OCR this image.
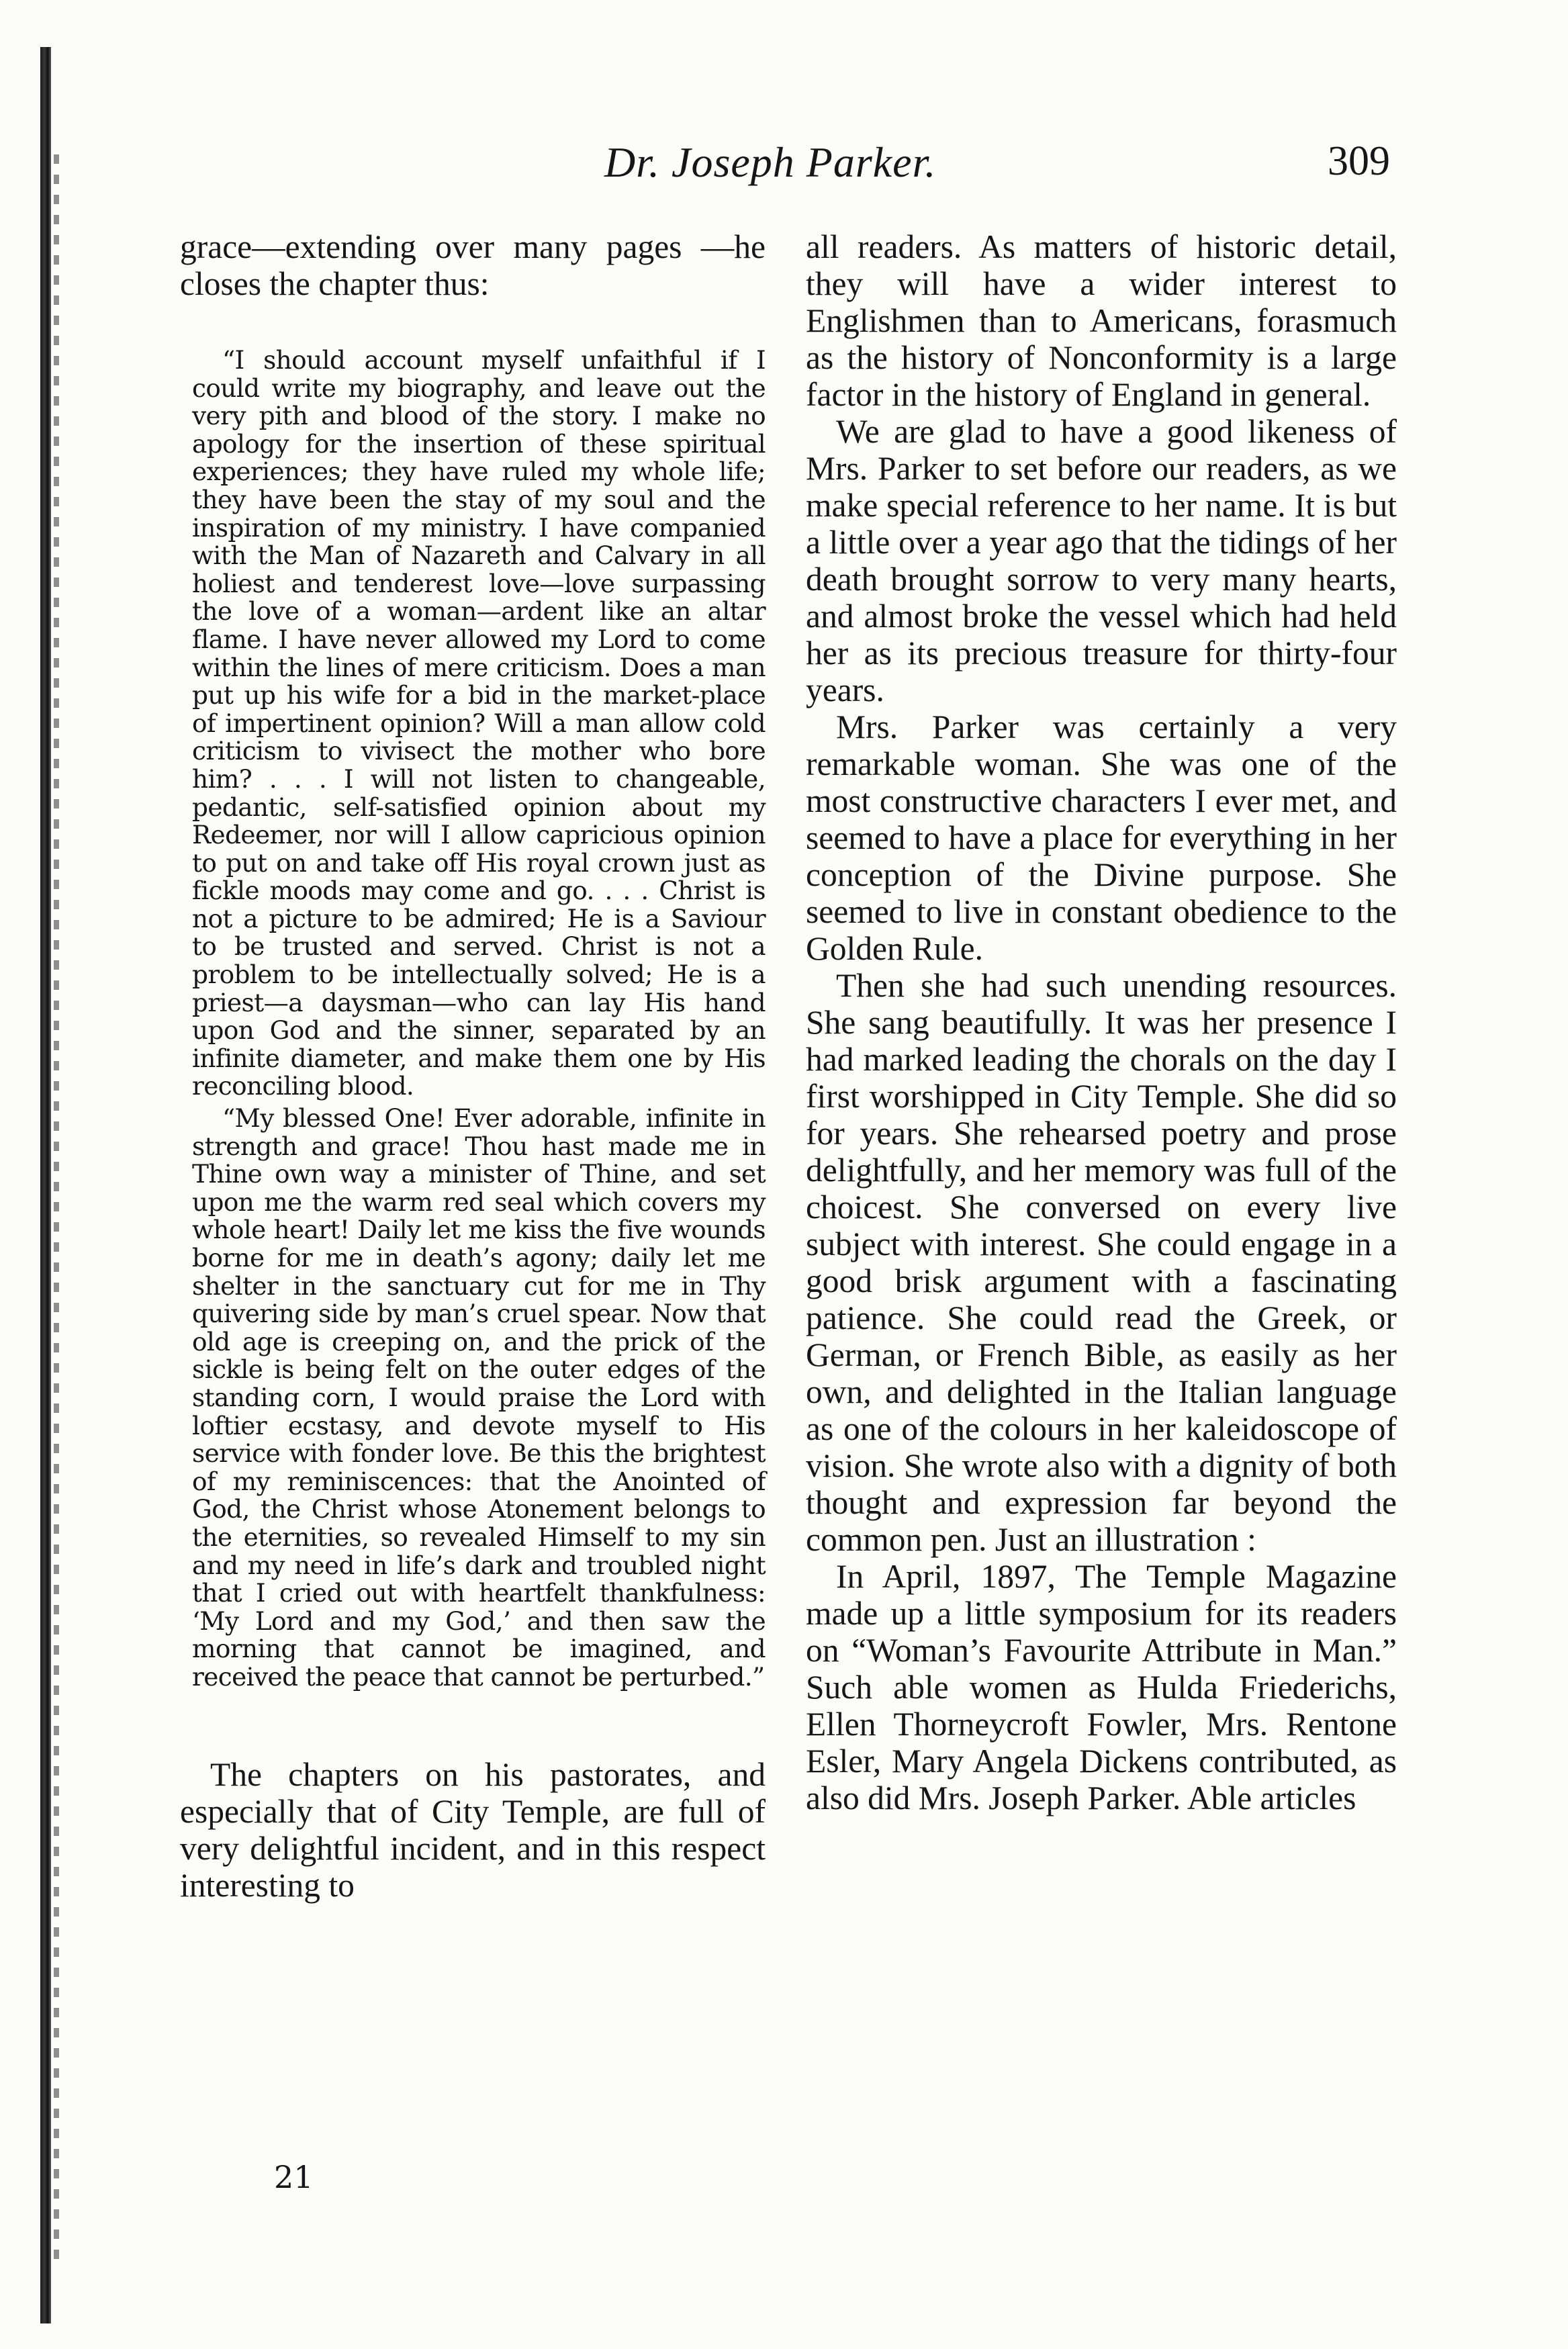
Dr. Joseph Parker.	309

grace—extending over many pages —he closes the chapter thus:

“I should account myself unfaithful if I could write my biography, and leave out the very pith and blood of the story. I make no apology for the insertion of these spiritual experiences; they have ruled my whole life; they have been the stay of my soul and the inspiration of my ministry. I have companied with the Man of Nazareth and Calvary in all holiest and tenderest love—love surpassing the love of a woman—ardent like an altar flame. I have never allowed my Lord to come within the lines of mere criticism. Does a man put up his wife for a bid in the market-place of impertinent opinion? Will a man allow cold criticism to vivisect the mother who bore him? . . . I will not listen to changeable, pedantic, self-satisfied opinion about my Redeemer, nor will I allow capricious opinion to put on and take off His royal crown just as fickle moods may come and go. . . . Christ is not a picture to be admired; He is a Saviour to be trusted and served. Christ is not a problem to be intellectually solved; He is a priest—a daysman—who can lay His hand upon God and the sinner, separated by an infinite diameter, and make them one by His reconciling blood.

“My blessed One! Ever adorable, infinite in strength and grace! Thou hast made me in Thine own way a minister of Thine, and set upon me the warm red seal which covers my whole heart! Daily let me kiss the five wounds borne for me in death’s agony; daily let me shelter in the sanctuary cut for me in Thy quivering side by man’s cruel spear. Now that old age is creeping on, and the prick of the sickle is being felt on the outer edges of the standing corn, I would praise the Lord with loftier ecstasy, and devote myself to His service with fonder love. Be this the brightest of my reminiscences: that the Anointed of God, the Christ whose Atonement belongs to the eternities, so revealed Himself to my sin and my need in life’s dark and troubled night that I cried out with heartfelt thankfulness: ‘My Lord and my God,’ and then saw the morning that cannot be imagined, and received the peace that cannot be perturbed.”

The chapters on his pastorates, and especially that of City Temple, are full of very delightful incident, and in this respect interesting to

21

all readers. As matters of historic detail, they will have a wider interest to Englishmen than to Americans, forasmuch as the history of Nonconformity is a large factor in the history of England in general.

We are glad to have a good likeness of Mrs. Parker to set before our readers, as we make special reference to her name. It is but a little over a year ago that the tidings of her death brought sorrow to very many hearts, and almost broke the vessel which had held her as its precious treasure for thirty-four years.

Mrs. Parker was certainly a very remarkable woman. She was one of the most constructive characters I ever met, and seemed to have a place for everything in her conception of the Divine purpose. She seemed to live in constant obedience to the Golden Rule.

Then she had such unending resources. She sang beautifully. It was her presence I had marked leading the chorals on the day I first worshipped in City Temple. She did so for years. She rehearsed poetry and prose delightfully, and her memory was full of the choicest. She conversed on every live subject with interest. She could engage in a good brisk argument with a fascinating patience. She could read the Greek, or German, or French Bible, as easily as her own, and delighted in the Italian language as one of the colours in her kaleidoscope of vision. She wrote also with a dignity of both thought and expression far beyond the common pen. Just an illustration :

In April, 1897, The Temple Magazine made up a little symposium for its readers on “Woman’s Favourite Attribute in Man.” Such able women as Hulda Friederichs, Ellen Thorneycroft Fowler, Mrs. Rentone Esler, Mary Angela Dickens contributed, as also did Mrs. Joseph Parker. Able articles
